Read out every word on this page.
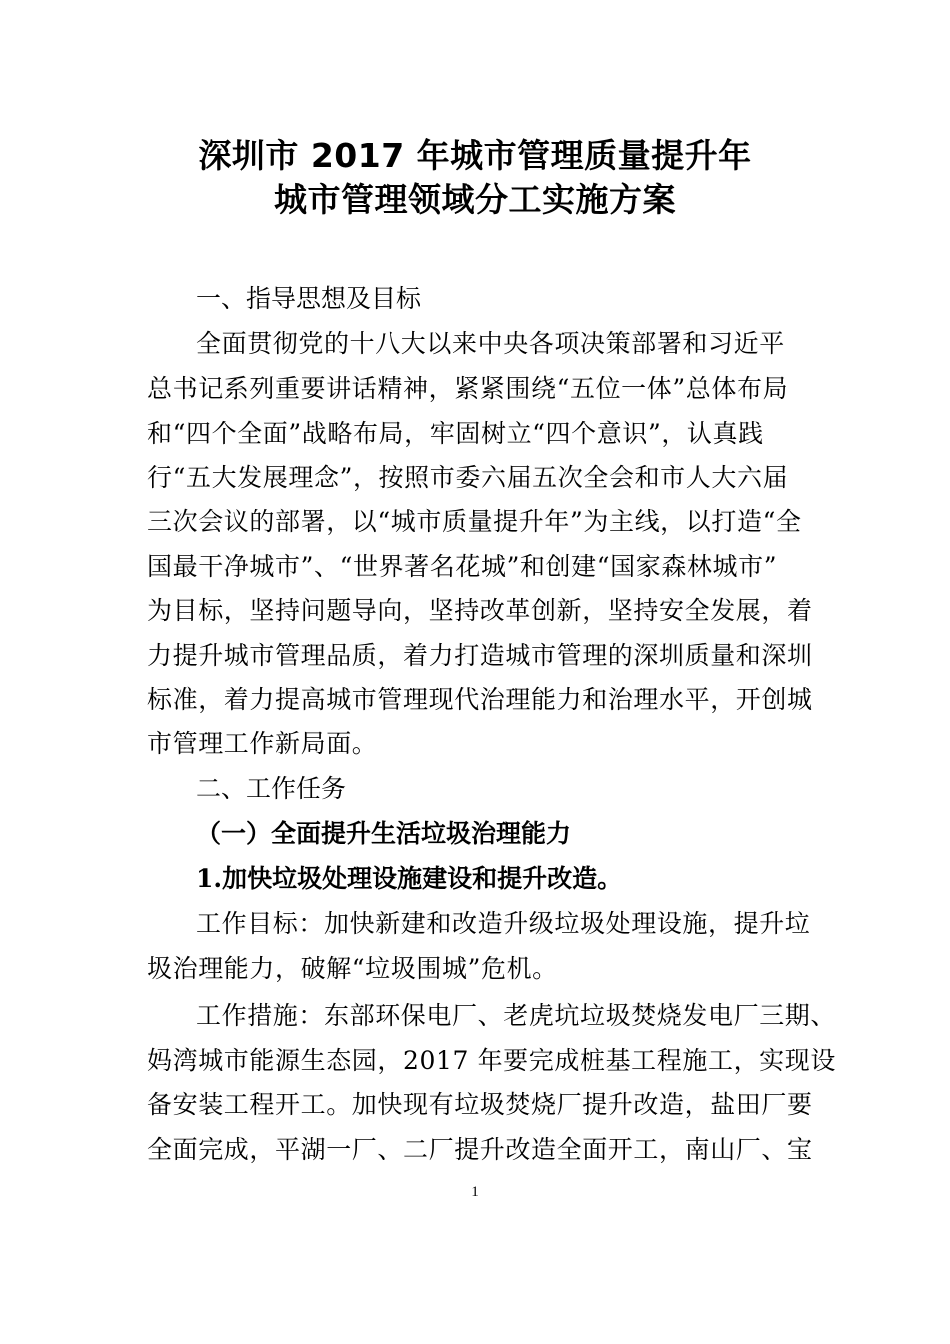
深圳市 2017 年城市管理质量提升年
城市管理领域分工实施方案
一、指导思想及目标
全面贯彻党的十八大以来中央各项决策部署和习近平
总书记系列重要讲话精神，紧紧围绕“五位一体”总体布局
和“四个全面”战略布局，牢固树立“四个意识”，认真践
行“五大发展理念”，按照市委六届五次全会和市人大六届
三次会议的部署，以“城市质量提升年”为主线，以打造“全
国最干净城市”、“世界著名花城”和创建“国家森林城市”
为目标，坚持问题导向，坚持改革创新，坚持安全发展，着
力提升城市管理品质，着力打造城市管理的深圳质量和深圳
标准，着力提高城市管理现代治理能力和治理水平，开创城
市管理工作新局面。
二、工作任务
（一）全面提升生活垃圾治理能力
1.加快垃圾处理设施建设和提升改造。
工作目标：加快新建和改造升级垃圾处理设施，提升垃
圾治理能力，破解“垃圾围城”危机。
工作措施：东部环保电厂、老虎坑垃圾焚烧发电厂三期、
妈湾城市能源生态园，2017 年要完成桩基工程施工，实现设
备安装工程开工。加快现有垃圾焚烧厂提升改造，盐田厂要
全面完成，平湖一厂、二厂提升改造全面开工，南山厂、宝
1
